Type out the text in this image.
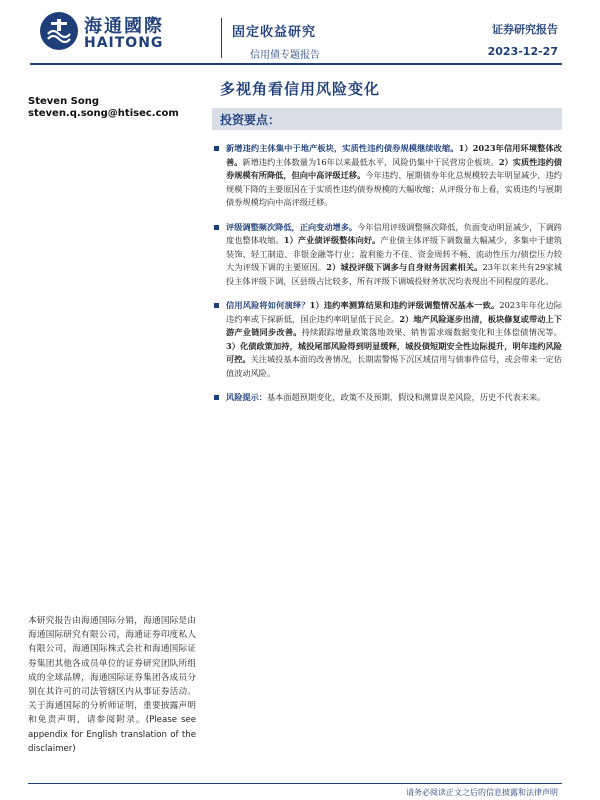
海通國際
HAITONG
固定收益研究
信用債专题报告
证券研究报告
2023-12-27
多视角看信用风险变化
Steven Song
steven.q.song@htisec.com	投资要点：
新增违约主体集中于地产板块，实质性违约债券规模继续收缩。1）2023年信用环境整体改善。新增违约主体数量为16年以来最低水平，风险仍集中于民营房企板块。2）实质性违约债券规模有所降低，但向中高评级迁移。今年违约、展期债券年化总规模较去年明显减少，违约规模下降的主要原因在于实质性违约债券规模的大幅收缩；从评级分布上看，实质违约与展期债券规模均向中高评级迁移。
评级调整频次降低，正向变动增多。今年信用评级调整频次降低，负面变动明显减少，下调跨度也整体收缩。1）产业债评级整体向好。产业债主体评级下调数量大幅减少，多集中于建筑装饰、轻工制造、非银金融等行业；盈利能力不佳、资金周转不畅、流动性压力/债偿压力较大为评级下调的主要原因。2）城投评级下调多与自身财务因素相关。23年以来共有29家城投主体评级下调，区县级占比较多，所有评级下调城投财务状况均表现出不同程度的恶化。
信用风险将如何演绎？1）违约率测算结果和违约评级调整情况基本一致。2023年年化边际违约率或下探新低，国企违约率明显低于民企。2）地产风险逐步出清，板块修复或带动上下游产业链同步改善。持续跟踪增量政策落地效果、销售需求端数据变化和主体偿债情况等。3）化债政策加持，城投尾部风险得到明显缓释，城投债短期安全性边际提升，明年违约风险可控。关注城投基本面的改善情况，长期需警惕下沉区域信用与债事件信号，或会带来一定估值波动风险。
风险提示：基本面超预期变化，政策不及预期，假设和测算误差风险，历史不代表未来。
本研究报告由海通国际分销，海通国际是由海通国际研究有限公司，海通证券印度私人有限公司，海通国际株式会社和海通国际证券集团其他各成员单位的证券研究团队所组成的全球品牌，海通国际证券集团各成员分别在其许可的司法管辖区内从事证券活动。关于海通国际的分析师证明，重要披露声明和免责声明，请参阅附录。(Please see appendix for English translation of the disclaimer)
请务必阅读正文之后的信息披露和法律声明
